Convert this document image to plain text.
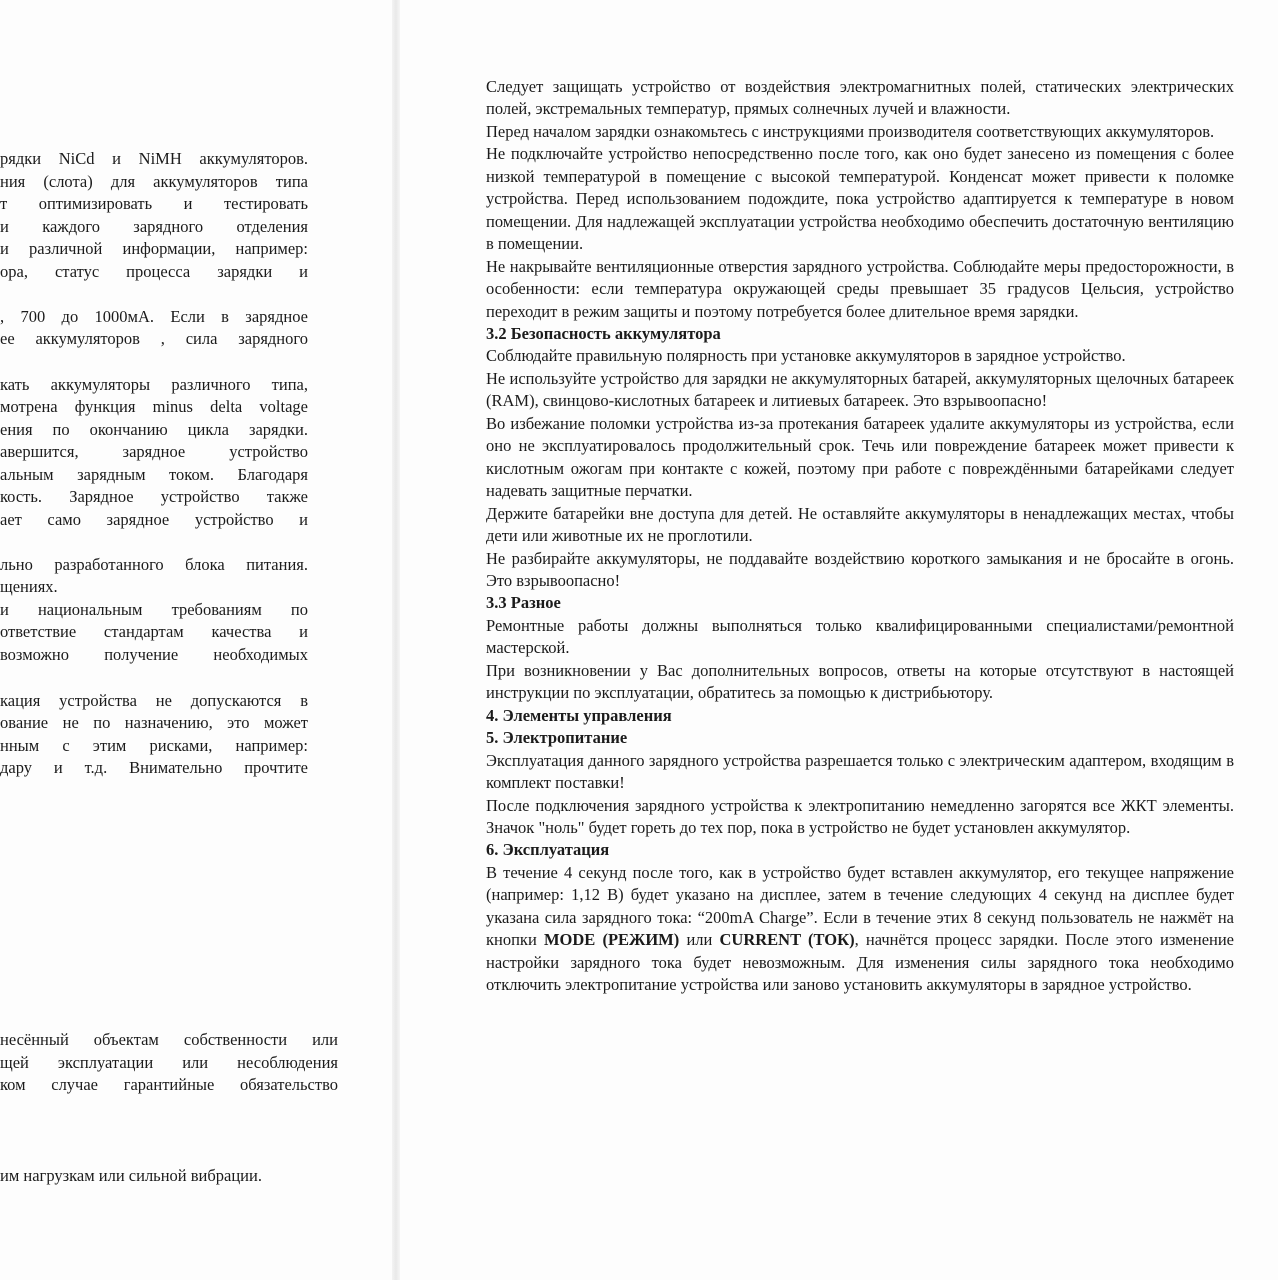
рядки NiCd и NiMH аккумуляторов.
ния (слота) для аккумуляторов типа
т оптимизировать и тестировать
и каждого зарядного отделения
и различной информации, например:
ора, статус процесса зарядки и
, 700 до 1000мА. Если в зарядное
ее аккумуляторов , сила зарядного
кать аккумуляторы различного типа,
мотрена функция minus delta voltage
ения по окончанию цикла зарядки.
авершится, зарядное устройство
альным зарядным током. Благодаря
кость. Зарядное устройство также
ает само зарядное устройство и
льно разработанного блока питания.
щениях.
и национальным требованиям по
ответствие стандартам качества и
возможно получение необходимых
кация устройства не допускаются в
ование не по назначению, это может
нным с этим рисками, например:
дару и т.д. Внимательно прочтите
несённый объектам собственности или
щей эксплуатации или несоблюдения
ком случае гарантийные обязательство
им нагрузкам или сильной вибрации.

Следует защищать устройство от воздействия электромагнитных полей, статических электрических полей, экстремальных температур, прямых солнечных лучей и влажности.

Перед началом зарядки ознакомьтесь с инструкциями производителя соответствующих аккумуляторов.

Не подключайте устройство непосредственно после того, как оно будет занесено из помещения с более низкой температурой в помещение с высокой температурой. Конденсат может привести к поломке устройства. Перед использованием подождите, пока устройство адаптируется к температуре в новом помещении. Для надлежащей эксплуатации устройства необходимо обеспечить достаточную вентиляцию в помещении.

Не накрывайте вентиляционные отверстия зарядного устройства. Соблюдайте меры предосторожности, в особенности: если температура окружающей среды превышает 35 градусов Цельсия, устройство переходит в режим защиты и поэтому потребуется более длительное время зарядки.

3.2 Безопасность аккумулятора

Соблюдайте правильную полярность при установке аккумуляторов в зарядное устройство.

Не используйте устройство для зарядки не аккумуляторных батарей, аккумуляторных щелочных батареек (RAM), свинцово-кислотных батареек и литиевых батареек. Это взрывоопасно!

Во избежание поломки устройства из-за протекания батареек удалите аккумуляторы из устройства, если оно не эксплуатировалось продолжительный срок. Течь или повреждение батареек может привести к кислотным ожогам при контакте с кожей, поэтому при работе с повреждёнными батарейками следует надевать защитные перчатки.

Держите батарейки вне доступа для детей. Не оставляйте аккумуляторы в ненадлежащих местах, чтобы дети или животные их не проглотили.

Не разбирайте аккумуляторы, не поддавайте воздействию короткого замыкания и не бросайте в огонь. Это взрывоопасно!

3.3 Разное

Ремонтные работы должны выполняться только квалифицированными специалистами/ремонтной мастерской.

При возникновении у Вас дополнительных вопросов, ответы на которые отсутствуют в настоящей инструкции по эксплуатации, обратитесь за помощью к дистрибьютору.

4. Элементы управления

5. Электропитание

Эксплуатация данного зарядного устройства разрешается только с электрическим адаптером, входящим в комплект поставки!

После подключения зарядного устройства к электропитанию немедленно загорятся все ЖКТ элементы. Значок "ноль" будет гореть до тех пор, пока в устройство не будет установлен аккумулятор.

6. Эксплуатация

В течение 4 секунд после того, как в устройство будет вставлен аккумулятор, его текущее напряжение (например: 1,12 В) будет указано на дисплее, затем в течение следующих 4 секунд на дисплее будет указана сила зарядного тока: “200mA Charge”. Если в течение этих 8 секунд пользователь не нажмёт на кнопки MODE (РЕЖИМ) или CURRENT (ТОК), начнётся процесс зарядки. После этого изменение настройки зарядного тока будет невозможным. Для изменения силы зарядного тока необходимо отключить электропитание устройства или заново установить аккумуляторы в зарядное устройство.
